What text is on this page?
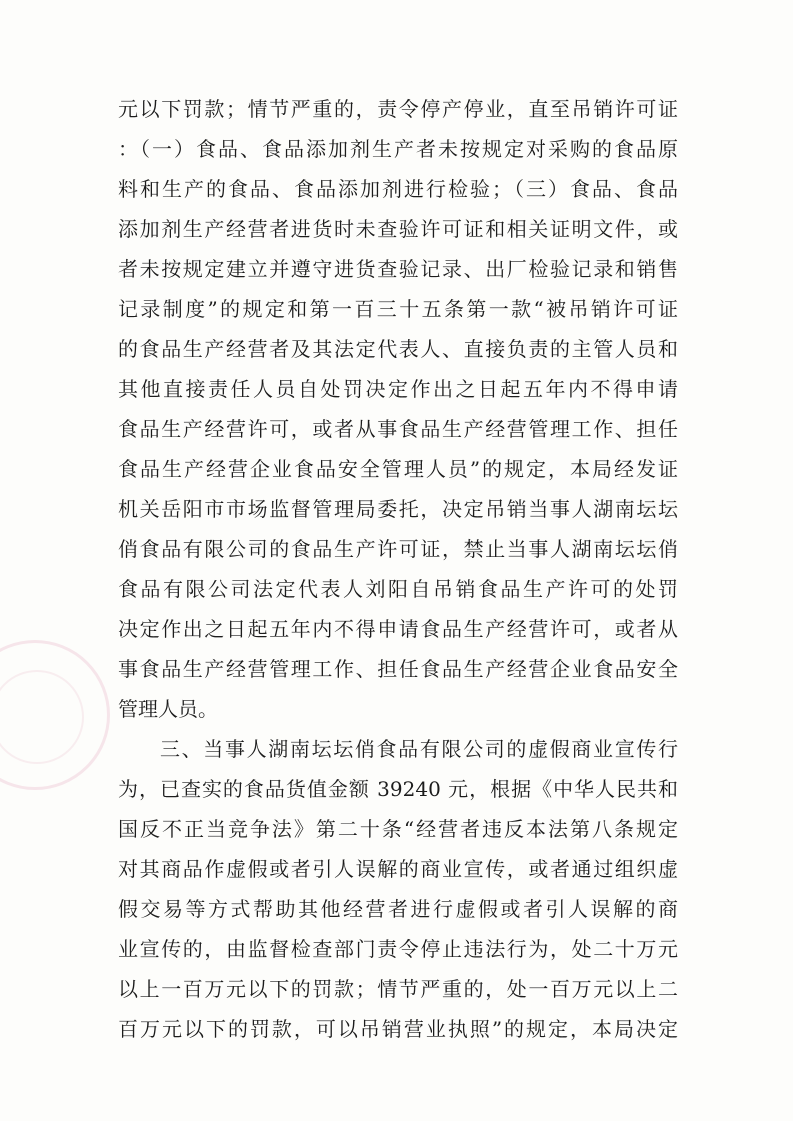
元以下罚款；情节严重的，责令停产停业，直至吊销许可证
：（一）食品、食品添加剂生产者未按规定对采购的食品原
料和生产的食品、食品添加剂进行检验；（三）食品、食品
添加剂生产经营者进货时未查验许可证和相关证明文件，或
者未按规定建立并遵守进货查验记录、出厂检验记录和销售
记录制度”的规定和第一百三十五条第一款“被吊销许可证
的食品生产经营者及其法定代表人、直接负责的主管人员和
其他直接责任人员自处罚决定作出之日起五年内不得申请
食品生产经营许可，或者从事食品生产经营管理工作、担任
食品生产经营企业食品安全管理人员”的规定，本局经发证
机关岳阳市市场监督管理局委托，决定吊销当事人湖南坛坛
俏食品有限公司的食品生产许可证，禁止当事人湖南坛坛俏
食品有限公司法定代表人刘阳自吊销食品生产许可的处罚
决定作出之日起五年内不得申请食品生产经营许可，或者从
事食品生产经营管理工作、担任食品生产经营企业食品安全
管理人员。
三、当事人湖南坛坛俏食品有限公司的虚假商业宣传行
为，已查实的食品货值金额 39240 元，根据《中华人民共和
国反不正当竞争法》第二十条“经营者违反本法第八条规定
对其商品作虚假或者引人误解的商业宣传，或者通过组织虚
假交易等方式帮助其他经营者进行虚假或者引人误解的商
业宣传的，由监督检查部门责令停止违法行为，处二十万元
以上一百万元以下的罚款；情节严重的，处一百万元以上二
百万元以下的罚款，可以吊销营业执照”的规定，本局决定
